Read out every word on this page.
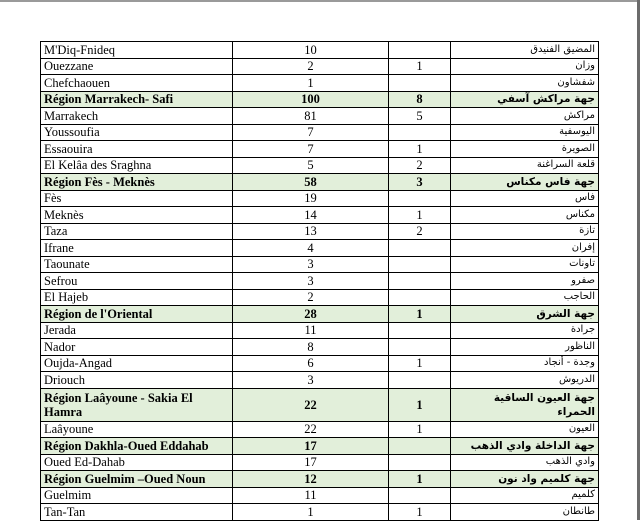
M'Diq-Fnideq	10		المضيق الفنيدق
Ouezzane	2	1	وزان
Chefchaouen	1		شفشاون
Région Marrakech- Safi	100	8	جهة مراكش آسفي
Marrakech	81	5	مراكش
Youssoufia	7		اليوسفية
Essaouira	7	1	الصويرة
El Kelâa des Sraghna	5	2	قلعة السراغنة
Région Fès - Meknès	58	3	جهة فاس مكناس
Fès	19		فاس
Meknès	14	1	مكناس
Taza	13	2	تازة
Ifrane	4		إفران
Taounate	3		تاونات
Sefrou	3		صفرو
El Hajeb	2		الحاجب
Région de l'Oriental	28	1	جهة الشرق
Jerada	11		جرادة
Nador	8		الناظور
Oujda-Angad	6	1	وجدة - أنجاد
Driouch	3		الدريوش
Région Laâyoune - Sakia El Hamra	22	1	جهة العيون الساقية الحمراء
Laâyoune	22	1	العيون
Région Dakhla-Oued Eddahab	17		جهة الداخلة وادي الذهب
Oued Ed-Dahab	17		وادي الذهب
Région Guelmim –Oued Noun	12	1	جهة كلميم واد نون
Guelmim	11		كلميم
Tan-Tan	1	1	طانطان
